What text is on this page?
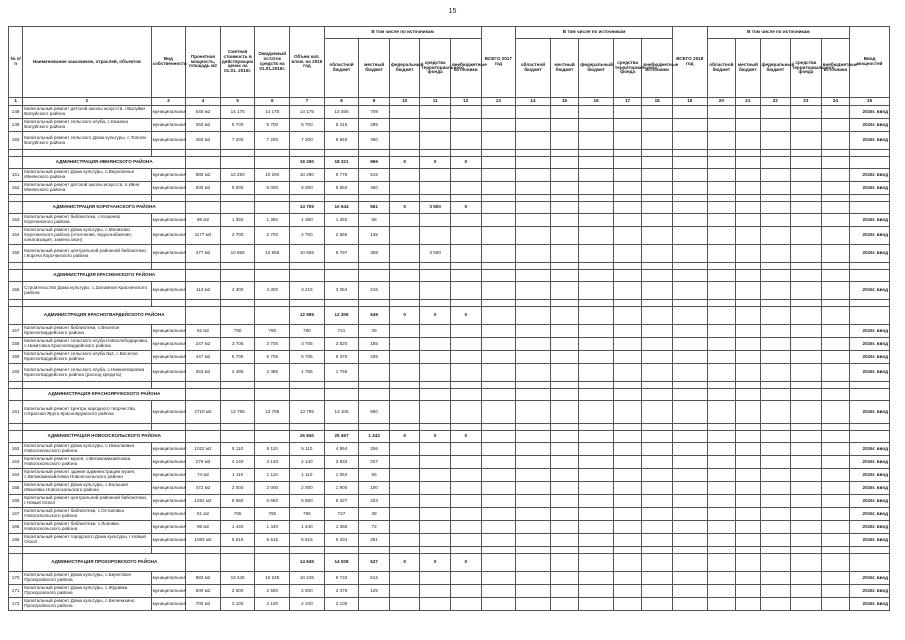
15
№ п/п	Наименование заказчиков, отраслей, объектов	Вид собственности	Проектная мощность, площадь м2	Сметная стоимость в действующих ценах на 01.01. 2016г.	Ожидаемый остаток средств на 01.01.2016г.	Объем кап. влож. на 2016 год	В том числе по источникам					ВСЕГО 2017 год	В том числе по источникам					ВСЕГО 2018 год	В том числе по источникам					Ввод мощностей
							областной бюджет	местный бюджет	федеральный бюджет	средства территориального фонда	внебюджетные источники		областной бюджет	местный бюджет	федеральный бюджет	средства территориального фонда	внебюджетные источники		областной бюджет	местный бюджет	федеральный бюджет	средства территориального фонда	внебюджетные источники	
1	2	3	4	5	6	7	8	9	10	11	12	13	14	15	16	17	18	19	20	21	22	23	24	25
149	Капитальный ремонт детской школы искусств, г.Валуйки Валуйского района	муниципальная	645 м2	14 175	14 175	14 175	13 466	709																2016г. ввод
149	Капитальный ремонт сельского клуба, с.Казинка Валуйского района	муниципальная	350 м2	5 700	5 700	5 700	5 415	285																2016г. ввод
150	Капитальный ремонт сельского Дома культуры, с.Тополи Валуйского района	муниципальная	450 м2	7 200	7 200	7 200	6 840	360																2016г. ввод

	АДМИНИСТРАЦИЯ ИВНЯНСКОГО РАЙОНА					19 290	18 321	969	0	0	0													
151	Капитальный ремонт Дома культуры, с.Верхопенье Ивнянского района	муниципальная	880 м2	10 290	10 290	10 290	9 776	515																2016г. ввод
152	Капитальный ремонт детской школы искусств, п.Ивня Ивнянского района	муниципальная	600 м2	9 000	9 000	9 000	8 550	450																2016г. ввод

	АДМИНИСТРАЦИЯ КОРОЧАНСКОГО РАЙОНА					14 705	10 644	561	0	3 500	0													
153	Капитальный ремонт библиотеки, с.Кощеево Корочанского района	муниципальная	96 м2	1 350	1 350	1 350	1 282	68																2016г. ввод
154	Капитальный ремонт Дома культуры, с.Мелихово Корочанского района (отопление, водоснабжение, канализация, замена окон)	муниципальная	1177 м2	2 700	2 700	2 700	2 565	135																2016г. ввод
155	Капитальный ремонт центральной районной библиотеки, г.Короча Корочанского района	муниципальная	477 м2	10 655	10 655	10 655	6 797	358		3 500														2016г. ввод

	АДМИНИСТРАЦИЯ КРАСНЕНСКОГО РАЙОНА																							
156	Строительство Дома культуры, с.Заломное Красненского района	муниципальная	113 м2	4 300	4 300	3 215	3 054	215																2016г. ввод

	АДМИНИСТРАЦИЯ КРАСНОГВАРДЕЙСКОГО РАЙОНА					12 955	12 306	649	0	0	0													
157	Капитальный ремонт библиотеки, с.Веселое Красногвардейского района	муниципальная	62 м2	780	780	780	741	39																2016г. ввод
158	Капитальный ремонт сельского клуба Новохлебодаровка, с.Никитовка Красногвардейского района	муниципальная	247 м2	3 705	3 705	3 705	3 520	185																2016г. ввод
159	Капитальный ремонт сельского клуба №2, с.Веселое Красногвардейского района	муниципальная	447 м2	6 705	6 705	6 705	6 370	335																2016г. ввод
160	Капитальный ремонт сельского клуба, с.Нижнепокровка Красногвардейского района (расход кредита)	муниципальная	353 м2	2 485	2 485	1 765	1 765																	2016г. ввод

	АДМИНИСТРАЦИЯ КРАСНОЯРУЖСКОГО РАЙОНА																							
161	Капитальный ремонт Центра народного творчества, п.Красная Яруга Краснояружского района	муниципальная	2710 м2	13 795	13 795	13 795	13 105	690																2016г. ввод

	АДМИНИСТРАЦИЯ НОВООСКОЛЬСКОГО РАЙОНА					26 840	25 497	1 343	0	0	0													
162	Капитальный ремонт Дома культуры, с.Николаевка Новооскольского района	муниципальная	1022 м2	5 110	5 110	5 110	4 854	256																2016г. ввод
163	Капитальный ремонт музея, с.Великомихайловка Новооскольского района	муниципальная	276 м2	4 140	4 140	4 140	3 933	207																2016г. ввод
164	Капитальный ремонт здания администрации музея, с.Великомихайловка Новооскольского района	муниципальная	74 м2	1 110	1 110	1 110	1 054	56																2016г. ввод
165	Капитальный ремонт Дома культуры, с.Большая Ивановка Новооскольского района	муниципальная	472 м2	2 000	2 000	2 000	1 900	100																2016г. ввод
166	Капитальный ремонт центральной районной библиотеки, г.Новый Оскол	муниципальная	1281 м2	6 660	6 660	6 660	6 327	333																2016г. ввод
167	Капитальный ремонт библиотеки, с.Остаповка Новооскольского района	муниципальная	51 м2	765	765	765	727	38																2016г. ввод
168	Капитальный ремонт библиотеки, с.Львовка Новооскольского района	муниципальная	96 м2	1 440	1 440	1 440	1 368	72																2016г. ввод
169	Капитальный ремонт городского Дома культуры, г.Новый Оскол	муниципальная	1083 м2	5 615	5 615	5 615	5 334	281																2016г. ввод

	АДМИНИСТРАЦИЯ ПРОХОРОВСКОГО РАЙОНА					14 645	14 008	637	0	0	0													
170	Капитальный ремонт Дома культуры, с.Береговое Прохоровского района	муниципальная	883 м2	10 245	10 245	10 245	9 733	512																2016г. ввод
171	Капитальный ремонт Дома культуры, с.Журавка Прохоровского района	муниципальная	500 м2	2 500	2 500	2 500	2 375	125																2016г. ввод
172	Капитальный ремонт Дома культуры, с.Беленихино Прохоровского района	муниципальная	700 м2	2 100	2 100	2 100	2 100																	2016г. ввод
